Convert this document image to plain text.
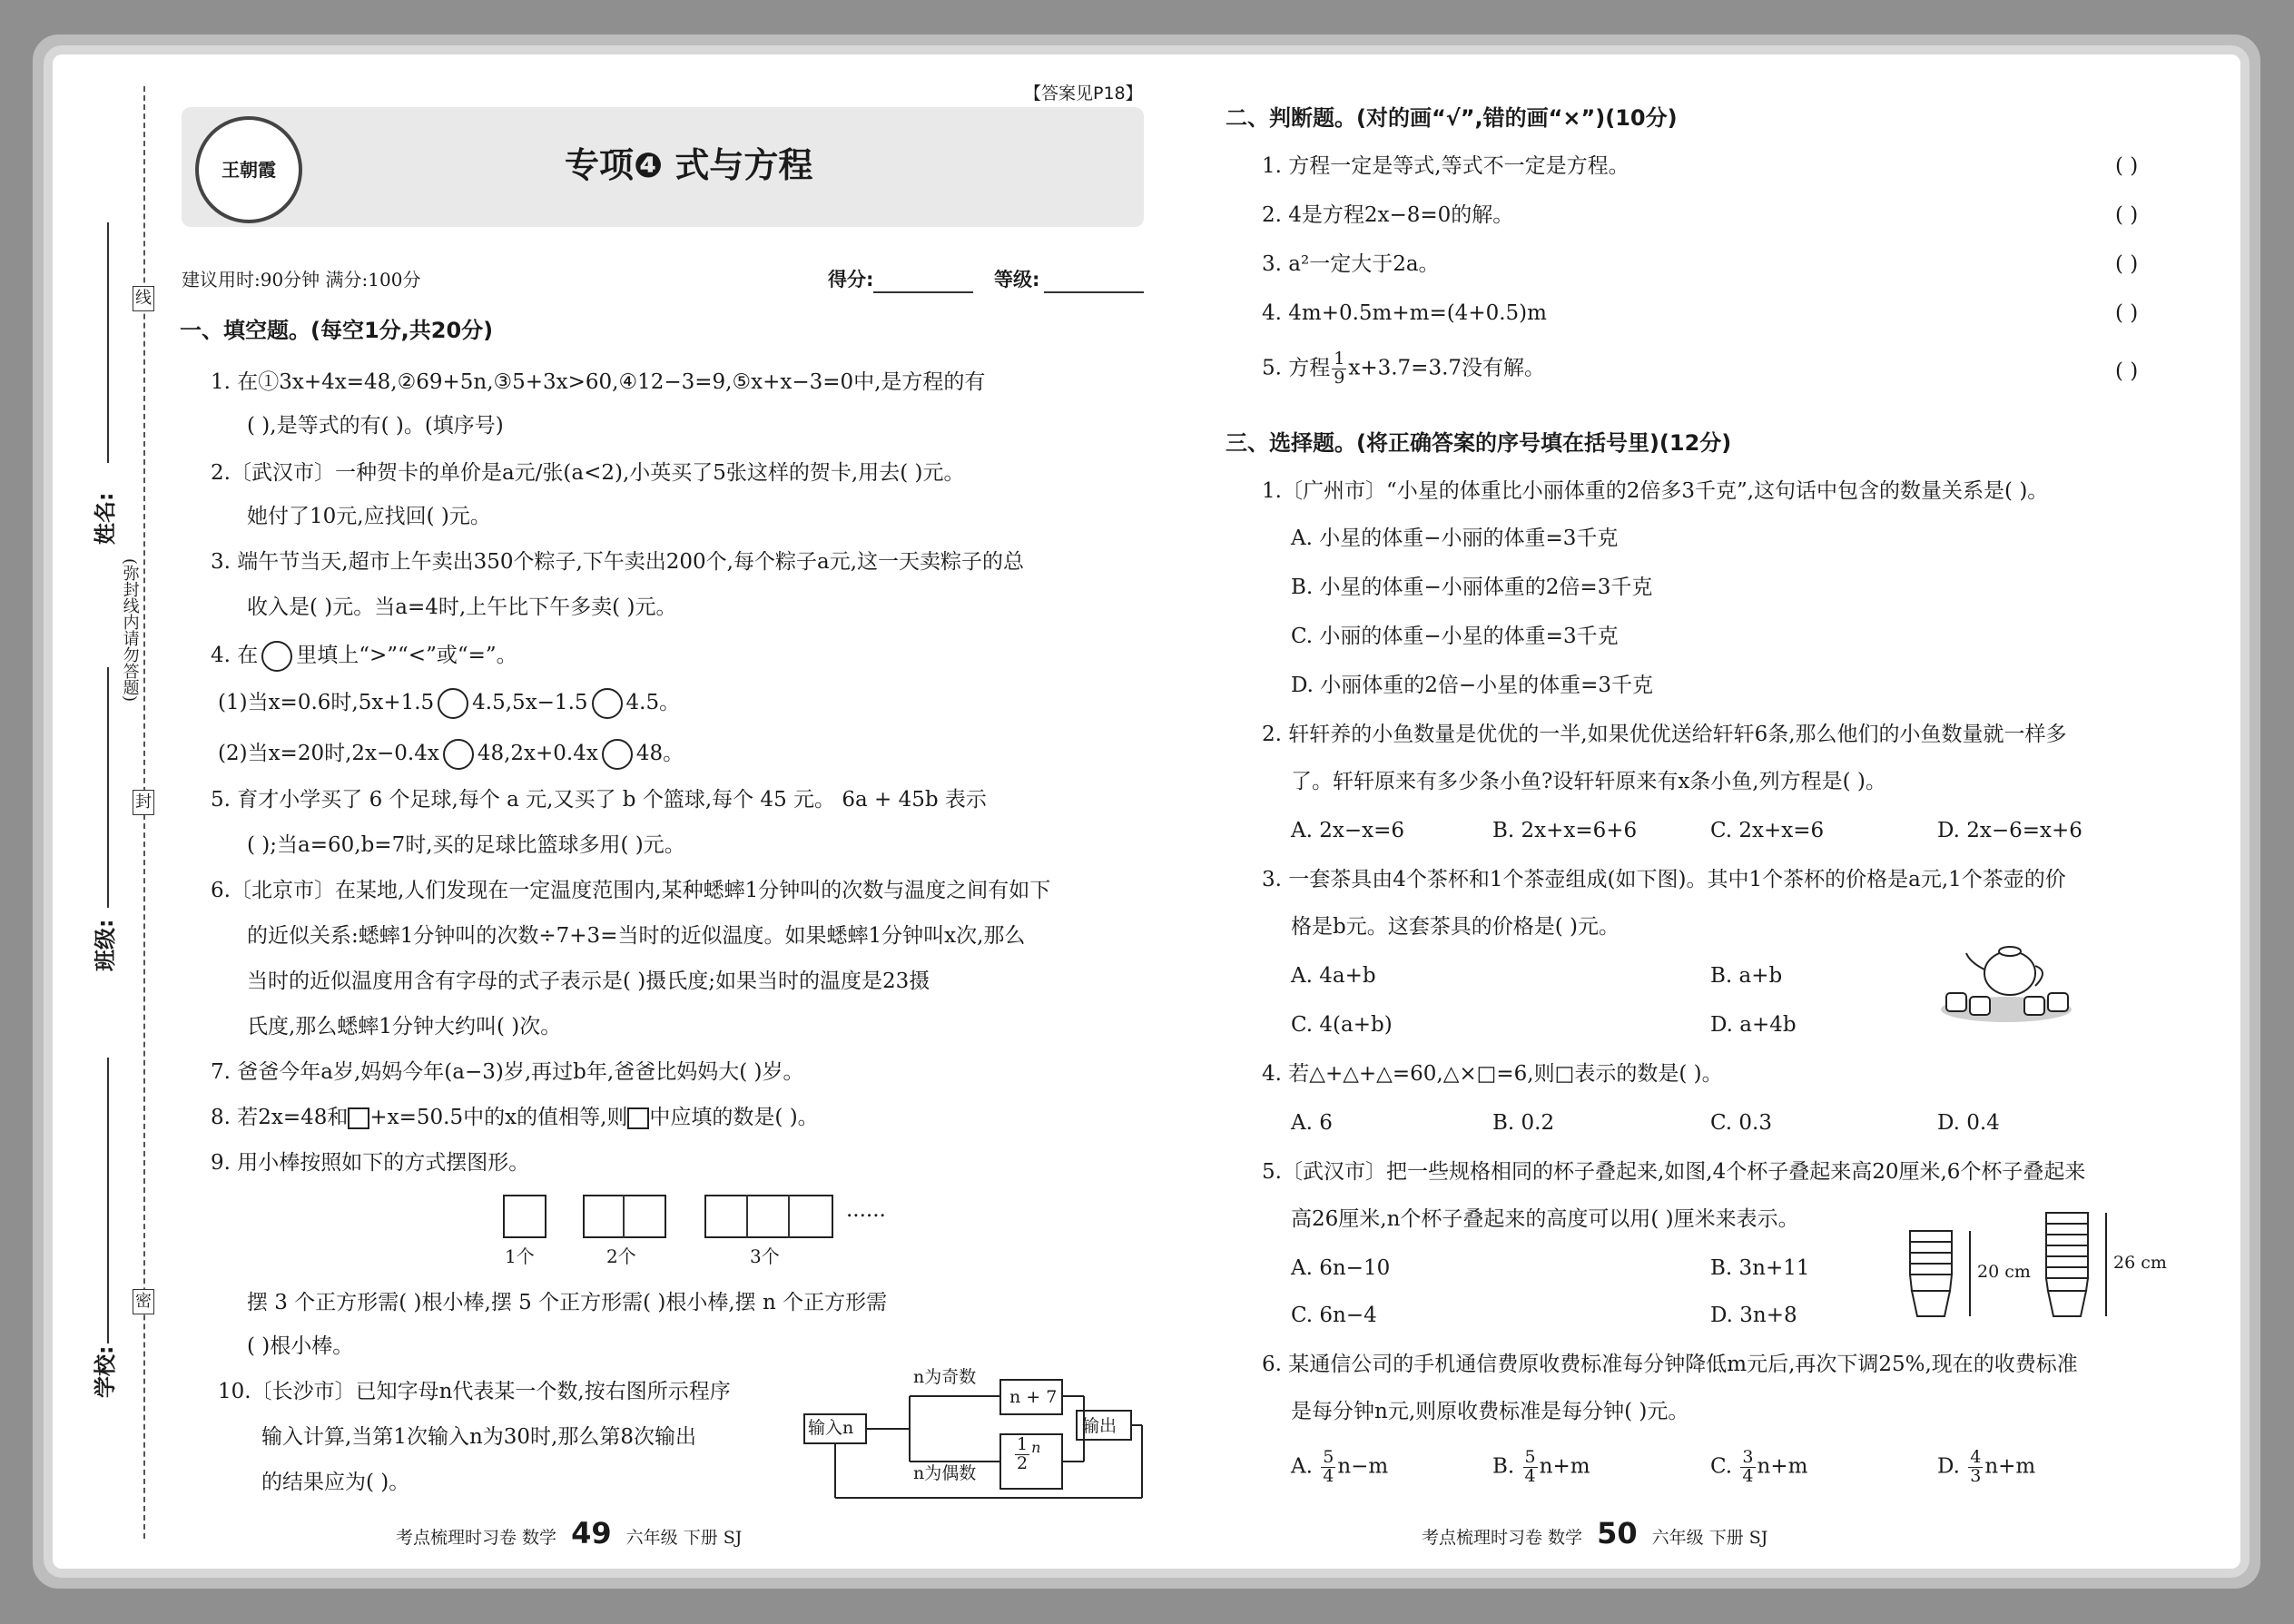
姓名:
班级:
学校:
线
封
密
(弥封线内请勿答题)
【答案见P18】
王朝霞	专项❹ 式与方程
建议用时:90分钟 满分:100分	得分:	等级:
一、填空题。(每空1分,共20分)
1. 在①3x+4x=48,②69+5n,③5+3x>60,④12−3=9,⑤x+x−3=0中,是方程的有
( ),是等式的有( )。(填序号)
2.〔武汉市〕一种贺卡的单价是a元/张(a<2),小英买了5张这样的贺卡,用去( )元。
她付了10元,应找回( )元。
3. 端午节当天,超市上午卖出350个粽子,下午卖出200个,每个粽子a元,这一天卖粽子的总
收入是( )元。当a=4时,上午比下午多卖( )元。
4. 在 里填上“>”“<”或“=”。
(1)当x=0.6时,5x+1.5 4.5,5x−1.5 4.5。
(2)当x=20时,2x−0.4x 48,2x+0.4x 48。
5. 育才小学买了 6 个足球,每个 a 元,又买了 b 个篮球,每个 45 元。 6a + 45b 表示
( );当a=60,b=7时,买的足球比篮球多用( )元。
6.〔北京市〕在某地,人们发现在一定温度范围内,某种蟋蟀1分钟叫的次数与温度之间有如下
的近似关系:蟋蟀1分钟叫的次数÷7+3=当时的近似温度。如果蟋蟀1分钟叫x次,那么
当时的近似温度用含有字母的式子表示是( )摄氏度;如果当时的温度是23摄
氏度,那么蟋蟀1分钟大约叫( )次。
7. 爸爸今年a岁,妈妈今年(a−3)岁,再过b年,爸爸比妈妈大( )岁。
8. 若2x=48和 +x=50.5中的x的值相等,则 中应填的数是( )。
9. 用小棒按照如下的方式摆图形。
......
1个	2个	3个
摆 3 个正方形需( )根小棒,摆 5 个正方形需( )根小棒,摆 n 个正方形需
( )根小棒。
10.〔长沙市〕已知字母n代表某一个数,按右图所示程序
输入计算,当第1次输入n为30时,那么第8次输出
的结果应为( )。
n为奇数
n为偶数
输入n
n + 7
输出
$\frac{1}{2} ^n$
考点梳理时习卷 数学 49 六年级 下册 SJ	考点梳理时习卷 数学 50 六年级 下册 SJ
二、判断题。(对的画“√”,错的画“×”)(10分)
1. 方程一定是等式,等式不一定是方程。
2. 4是方程2x−8=0的解。
3. a²一定大于2a。
4. 4m+0.5m+m=(4+0.5)m
5. 方程 $\frac{1}{9} x+3.7=3.7$没有解。
( )
( )
( )
( )
( )
三、选择题。(将正确答案的序号填在括号里)(12分)
1.〔广州市〕“小星的体重比小丽体重的2倍多3千克”,这句话中包含的数量关系是( )。
A. 小星的体重−小丽的体重=3千克
B. 小星的体重−小丽体重的2倍=3千克
C. 小丽的体重−小星的体重=3千克
D. 小丽体重的2倍−小星的体重=3千克
2. 轩轩养的小鱼数量是优优的一半,如果优优送给轩轩6条,那么他们的小鱼数量就一样多
了。轩轩原来有多少条小鱼?设轩轩原来有x条小鱼,列方程是( )。
A. 2x−x=6	B. 2x+x=6+6	C. 2x+x=6	D. 2x−6=x+6
3. 一套茶具由4个茶杯和1个茶壶组成(如下图)。其中1个茶杯的价格是a元,1个茶壶的价
格是b元。这套茶具的价格是( )元。
A. 4a+b	B. a+b
C. 4(a+b)	D. a+4b
4. 若△+△+△=60,△×□=6,则□表示的数是( )。
A. 6	B. 0.2	C. 0.3	D. 0.4
5.〔武汉市〕把一些规格相同的杯子叠起来,如图,4个杯子叠起来高20厘米,6个杯子叠起来
高26厘米,n个杯子叠起来的高度可以用( )厘米来表示。
A. 6n−10	B. 3n+11
C. 6n−4	D. 3n+8
20 cm	26 cm
6. 某通信公司的手机通信费原收费标准每分钟降低m元后,再次下调25%,现在的收费标准
是每分钟n元,则原收费标准是每分钟( )元。
A. $\frac{5}{4} n-m$	B. $\frac{5}{4} n+m$	C. $\frac{3}{4} n+m$	D. $\frac{4}{3} n+m$
